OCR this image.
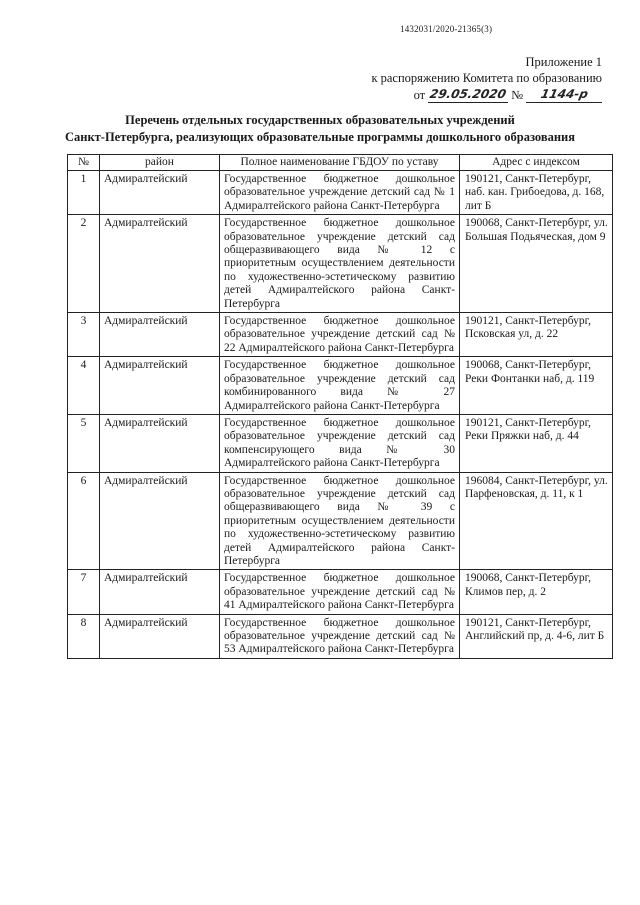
1432031/2020-21365(3)
Приложение 1
к распоряжению Комитета по образованию
от 29.05.2020 №	1144-р
Перечень отдельных государственных образовательных учреждений
Санкт-Петербурга, реализующих образовательные программы дошкольного образования
№	район	Полное наименование ГБДОУ по уставу	Адрес с индексом
1	Адмиралтейский	Государственное бюджетное дошкольное образовательное учреждение детский сад № 1 Адмиралтейского района Санкт-Петербурга	190121, Санкт-Петербург, наб. кан. Грибоедова, д. 168, лит Б
2	Адмиралтейский	Государственное бюджетное дошкольное образовательное учреждение детский сад общеразвивающего вида № 12 с приоритетным осуществлением деятельности по художественно-эстетическому развитию детей Адмиралтейского района Санкт-Петербурга	190068, Санкт-Петербург, ул. Большая Подьяческая, дом 9
3	Адмиралтейский	Государственное бюджетное дошкольное образовательное учреждение детский сад № 22 Адмиралтейского района Санкт-Петербурга	190121, Санкт-Петербург, Псковская ул, д. 22
4	Адмиралтейский	Государственное бюджетное дошкольное образовательное учреждение детский сад комбинированного вида № 27 Адмиралтейского района Санкт-Петербурга	190068, Санкт-Петербург, Реки Фонтанки наб, д. 119
5	Адмиралтейский	Государственное бюджетное дошкольное образовательное учреждение детский сад компенсирующего вида № 30 Адмиралтейского района Санкт-Петербурга	190121, Санкт-Петербург, Реки Пряжки наб, д. 44
6	Адмиралтейский	Государственное бюджетное дошкольное образовательное учреждение детский сад общеразвивающего вида № 39 с приоритетным осуществлением деятельности по художественно-эстетическому развитию детей Адмиралтейского района Санкт-Петербурга	196084, Санкт-Петербург, ул. Парфеновская, д. 11, к 1
7	Адмиралтейский	Государственное бюджетное дошкольное образовательное учреждение детский сад № 41 Адмиралтейского района Санкт-Петербурга	190068, Санкт-Петербург, Климов пер, д. 2
8	Адмиралтейский	Государственное бюджетное дошкольное образовательное учреждение детский сад № 53 Адмиралтейского района Санкт-Петербурга	190121, Санкт-Петербург, Английский пр, д. 4-6, лит Б
